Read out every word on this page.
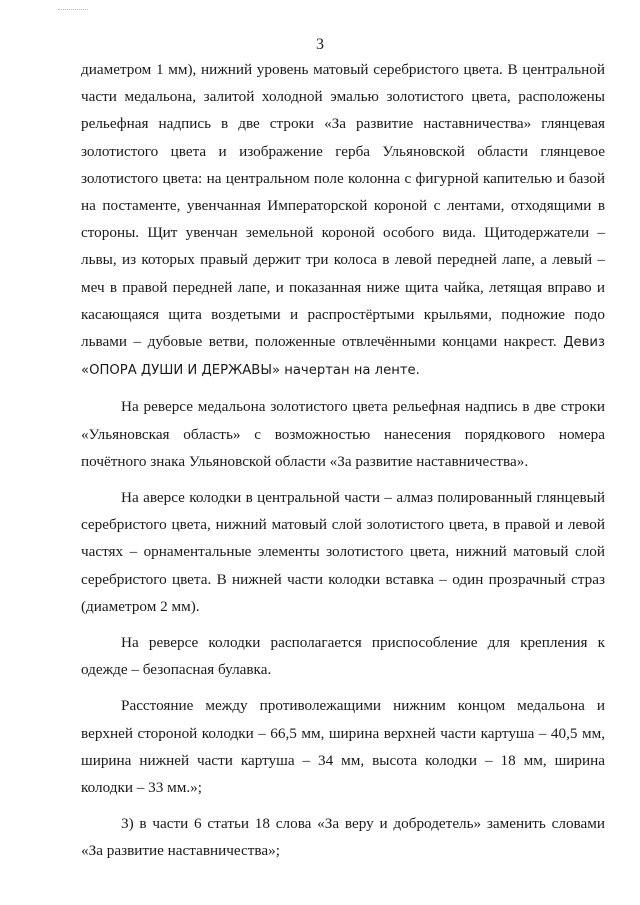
3

диаметром 1 мм), нижний уровень матовый серебристого цвета. В центральной части медальона, залитой холодной эмалью золотистого цвета, расположены рельефная надпись в две строки «За развитие наставничества» глянцевая золотистого цвета и изображение герба Ульяновской области глянцевое золотистого цвета: на центральном поле колонна с фигурной капителью и базой на постаменте, увенчанная Императорской короной с лентами, отходящими в стороны. Щит увенчан земельной короной особого вида. Щитодержатели – львы, из которых правый держит три колоса в левой передней лапе, а левый – меч в правой передней лапе, и показанная ниже щита чайка, летящая вправо и касающаяся щита воздетыми и распростёртыми крыльями, подножие подо львами – дубовые ветви, положенные отвлечёнными концами накрест. Девиз «ОПОРА ДУШИ И ДЕРЖАВЫ» начертан на ленте.

На реверсе медальона золотистого цвета рельефная надпись в две строки «Ульяновская область» с возможностью нанесения порядкового номера почётного знака Ульяновской области «За развитие наставничества».

На аверсе колодки в центральной части – алмаз полированный глянцевый серебристого цвета, нижний матовый слой золотистого цвета, в правой и левой частях – орнаментальные элементы золотистого цвета, нижний матовый слой серебристого цвета. В нижней части колодки вставка – один прозрачный страз (диаметром 2 мм).

На реверсе колодки располагается приспособление для крепления к одежде – безопасная булавка.

Расстояние между противолежащими нижним концом медальона и верхней стороной колодки – 66,5 мм, ширина верхней части картуша – 40,5 мм, ширина нижней части картуша – 34 мм, высота колодки – 18 мм, ширина колодки – 33 мм.»;

3) в части 6 статьи 18 слова «За веру и добродетель» заменить словами «За развитие наставничества»;
